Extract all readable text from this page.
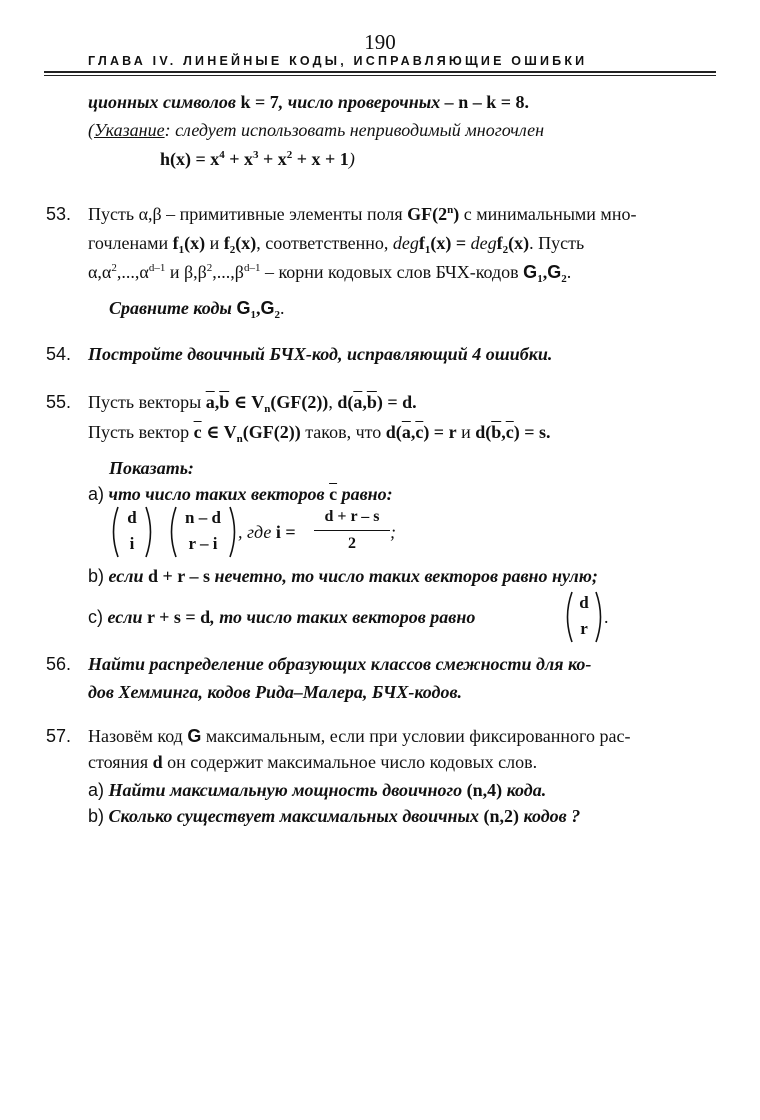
190
ГЛАВА IV. ЛИНЕЙНЫЕ КОДЫ, ИСПРАВЛЯЮЩИЕ ОШИБКИ
ционных символов k = 7, число проверочных – n – k = 8.
(Указание: следует использовать неприводимый многочлен
$h(x) = x^4 + x^3 + x^2 + x + 1$)
53. Пусть α,β – примитивные элементы поля GF(2$^n$) с минимальными мно-
гочленами $f_1(x)$ и $f_2(x)$, соответственно, degf$_1$(x) = degf$_2$(x). Пусть
$\alpha,\alpha^2,...,\alpha^{d-1}$ и $\beta,\beta^2,...,\beta^{d-1}$ – корни кодовых слов БЧХ-кодов $G_1,G_2$.
Сравните коды $G_1,G_2$.
54. Постройте двоичный БЧХ-код, исправляющий 4 ошибки.
55. Пусть векторы $\overline{a},\overline{b}$ ∈ $V_n(GF(2))$, $d(\overline{a},\overline{b}) = d$.
Пусть вектор $\overline{c}$ ∈ $V_n(GF(2))$ таков, что $d(\overline{a},\overline{c}) = r$ и $d(\overline{b},\overline{c}) = s$.
Показать:
a) что число таких векторов $\overline{c}$ равно:
d
i
n – d
r – i
, где i =
d + r – s
2
;
b) если d + r – s нечетно, то число таких векторов равно нулю;
c) если r + s = d, то число таких векторов равно
d
r
.
56. Найти распределение образующих классов смежности для ко-
дов Хемминга, кодов Рида–Малера, БЧХ-кодов.
57. Назовём код G максимальным, если при условии фиксированного рас-
стояния d он содержит максимальное число кодовых слов.
a) Найти максимальную мощность двоичного (n,4) кода.
b) Сколько существует максимальных двоичных (n,2) кодов ?
